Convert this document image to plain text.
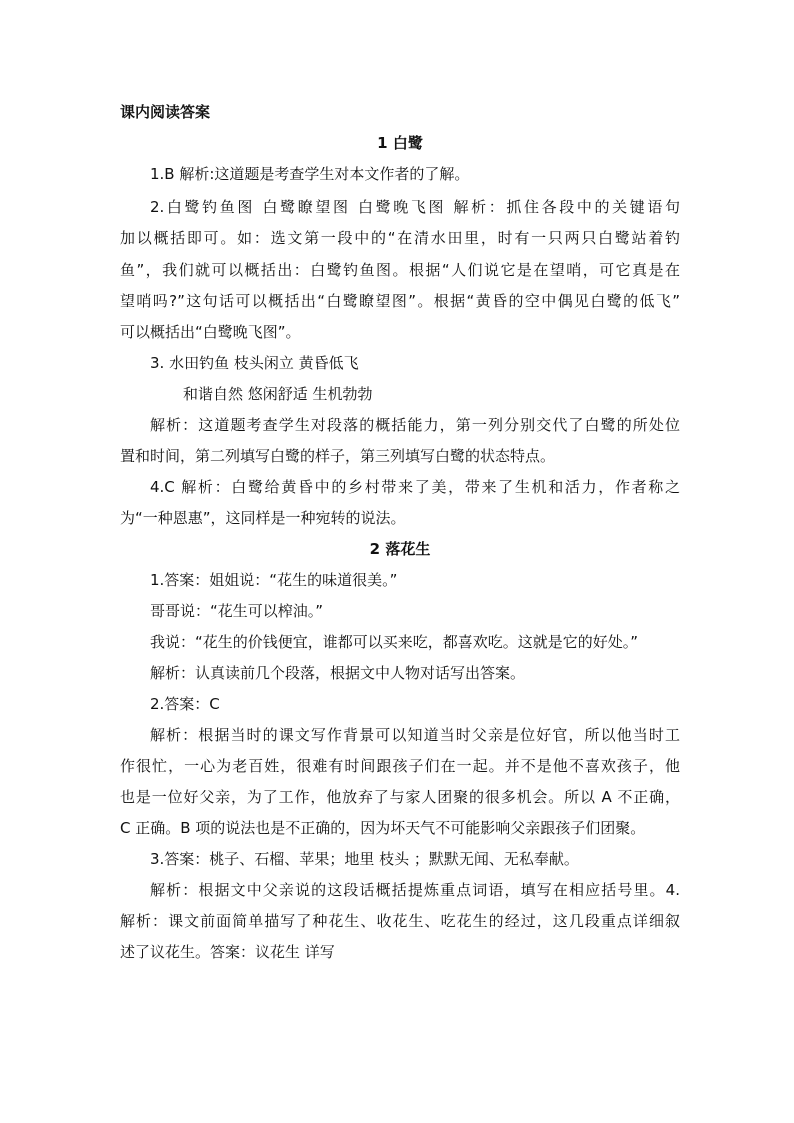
课内阅读答案
1 白鹭
1.B 解析:这道题是考查学生对本文作者的了解。
2.白鹭钓鱼图 白鹭瞭望图 白鹭晚飞图 解析：抓住各段中的关键语句
加以概括即可。如：选文第一段中的“在清水田里，时有一只两只白鹭站着钓
鱼”，我们就可以概括出：白鹭钓鱼图。根据“人们说它是在望哨，可它真是在
望哨吗?”这句话可以概括出“白鹭瞭望图”。根据“黄昏的空中偶见白鹭的低飞”
可以概括出“白鹭晚飞图”。
3. 水田钓鱼 枝头闲立 黄昏低飞
和谐自然 悠闲舒适 生机勃勃
解析：这道题考查学生对段落的概括能力，第一列分别交代了白鹭的所处位
置和时间，第二列填写白鹭的样子，第三列填写白鹭的状态特点。
4.C 解析：白鹭给黄昏中的乡村带来了美，带来了生机和活力，作者称之
为“一种恩惠”，这同样是一种宛转的说法。
2 落花生
1.答案：姐姐说：“花生的味道很美。”
哥哥说：“花生可以榨油。”
我说：“花生的价钱便宜，谁都可以买来吃，都喜欢吃。这就是它的好处。”
解析：认真读前几个段落，根据文中人物对话写出答案。
2.答案：C
解析：根据当时的课文写作背景可以知道当时父亲是位好官，所以他当时工
作很忙，一心为老百姓，很难有时间跟孩子们在一起。并不是他不喜欢孩子，他
也是一位好父亲，为了工作，他放弃了与家人团聚的很多机会。所以 A 不正确，
C 正确。B 项的说法也是不正确的，因为坏天气不可能影响父亲跟孩子们团聚。
3.答案：桃子、石榴、苹果；地里 枝头 ；默默无闻、无私奉献。
解析：根据文中父亲说的这段话概括提炼重点词语，填写在相应括号里。4.
解析：课文前面简单描写了种花生、收花生、吃花生的经过，这几段重点详细叙
述了议花生。答案：议花生 详写
